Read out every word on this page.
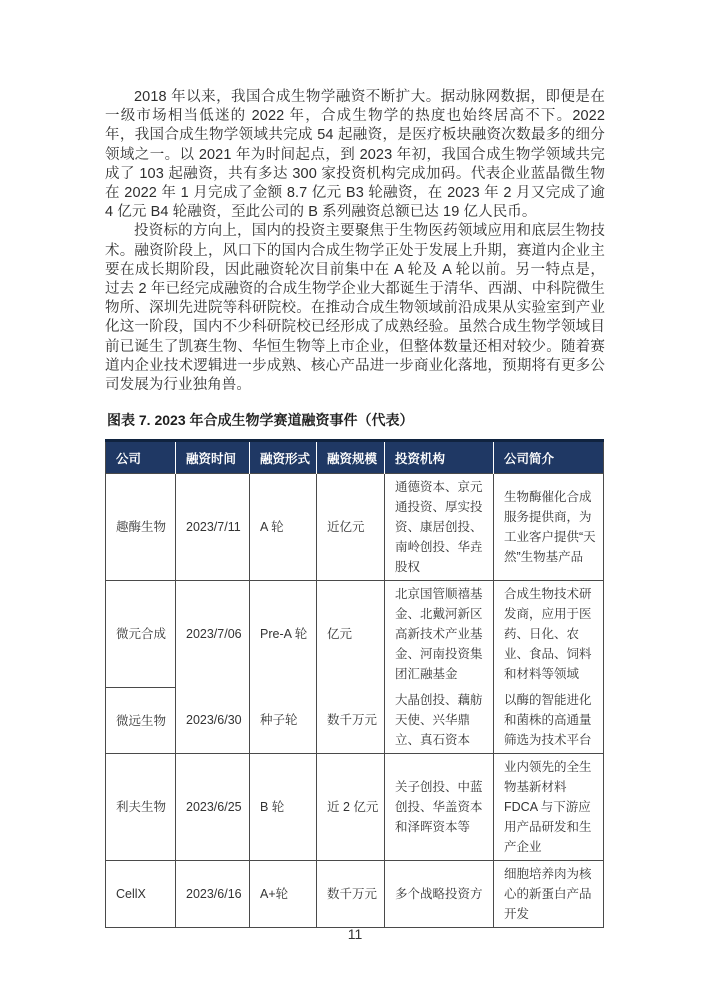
2018 年以来，我国合成生物学融资不断扩大。据动脉网数据，即便是在一级市场相当低迷的 2022 年，合成生物学的热度也始终居高不下。2022 年，我国合成生物学领域共完成 54 起融资，是医疗板块融资次数最多的细分领域之一。以 2021 年为时间起点，到 2023 年初，我国合成生物学领域共完成了 103 起融资，共有多达 300 家投资机构完成加码。代表企业蓝晶微生物在 2022 年 1 月完成了金额 8.7 亿元 B3 轮融资，在 2023 年 2 月又完成了逾 4 亿元 B4 轮融资，至此公司的 B 系列融资总额已达 19 亿人民币。

投资标的方向上，国内的投资主要聚焦于生物医药领域应用和底层生物技术。融资阶段上，风口下的国内合成生物学正处于发展上升期，赛道内企业主要在成长期阶段，因此融资轮次目前集中在 A 轮及 A 轮以前。另一特点是，过去 2 年已经完成融资的合成生物学企业大都诞生于清华、西湖、中科院微生物所、深圳先进院等科研院校。在推动合成生物领域前沿成果从实验室到产业化这一阶段，国内不少科研院校已经形成了成熟经验。虽然合成生物学领域目前已诞生了凯赛生物、华恒生物等上市企业，但整体数量还相对较少。随着赛道内企业技术逻辑进一步成熟、核心产品进一步商业化落地，预期将有更多公司发展为行业独角兽。

图表 7. 2023 年合成生物学赛道融资事件（代表）
公司	融资时间	融资形式	融资规模	投资机构	公司简介
趣酶生物	2023/7/11	A 轮	近亿元	通德资本、京元通投资、厚实投资、康居创投、南岭创投、华垚股权	生物酶催化合成服务提供商，为工业客户提供“天然”生物基产品
微元合成	2023/7/06	Pre-A 轮	亿元	北京国管顺禧基金、北戴河新区高新技术产业基金、河南投资集团汇融基金	合成生物技术研发商，应用于医药、日化、农业、食品、饲料和材料等领域
微远生物	2023/6/30	种子轮	数千万元	大晶创投、藕舫天使、兴华鼎立、真石资本	以酶的智能进化和菌株的高通量筛选为技术平台
利夫生物	2023/6/25	B 轮	近 2 亿元	关子创投、中蓝创投、华盖资本和泽晖资本等	业内领先的全生物基新材料 FDCA 与下游应用产品研发和生产企业
CellX	2023/6/16	A+轮	数千万元	多个战略投资方	细胞培养肉为核心的新蛋白产品开发
11
